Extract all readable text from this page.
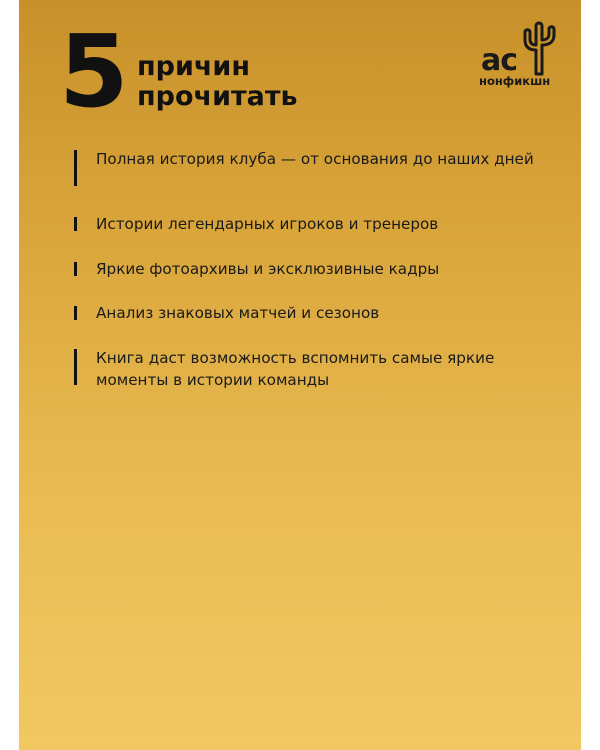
5 причин
прочитать
ас
нонфикшн
Полная история клуба — от основания до наших дней
Истории легендарных игроков и тренеров
Яркие фотоархивы и эксклюзивные кадры
Анализ знаковых матчей и сезонов
Книга даст возможность вспомнить самые яркие моменты в истории команды
